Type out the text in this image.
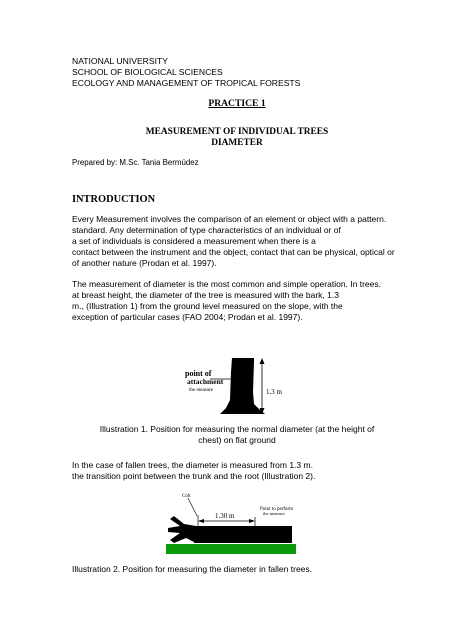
NATIONAL UNIVERSITY
SCHOOL OF BIOLOGICAL SCIENCES
ECOLOGY AND MANAGEMENT OF TROPICAL FORESTS
PRACTICE 1
MEASUREMENT OF INDIVIDUAL TREES
DIAMETER
Prepared by: M.Sc. Tania Bermúdez
INTRODUCTION
Every Measurement involves the comparison of an element or object with a pattern.
standard. Any determination of type characteristics of an individual or of
a set of individuals is considered a measurement when there is a
contact between the instrument and the object, contact that can be physical, optical or
of another nature (Prodan et al. 1997).
The measurement of diameter is the most common and simple operation. In trees.
at breast height, the diameter of the tree is measured with the bark, 1.3
m., (Illustration 1) from the ground level measured on the slope, with the
exception of particular cases (FAO 2004; Prodan et al. 1997).
point of
attachment
the measure	1.3 m
Illustration 1. Position for measuring the normal diameter (at the height of
chest) on flat ground
In the case of fallen trees, the diameter is measured from 1.3 m.
the transition point between the trunk and the root (Illustration 2).
Colt
1.30 m
Point to perform
the measure
Illustration 2. Position for measuring the diameter in fallen trees.
